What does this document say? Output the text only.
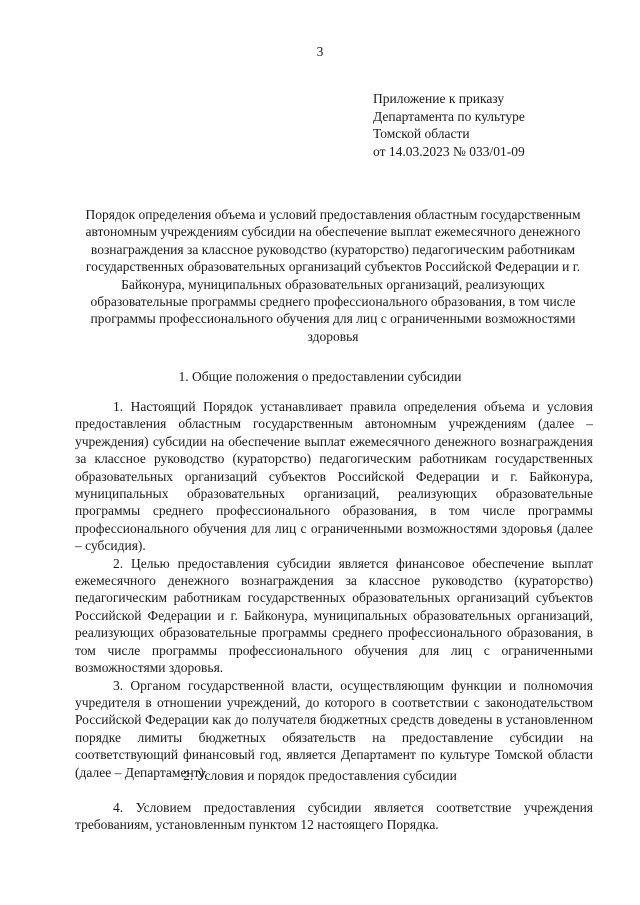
3
Приложение к приказу
Департамента по культуре
Томской области
от 14.03.2023 № 033/01-09
Порядок определения объема и условий предоставления областным государственным автономным учреждениям субсидии на обеспечение выплат ежемесячного денежного вознаграждения за классное руководство (кураторство) педагогическим работникам государственных образовательных организаций субъектов Российской Федерации и г. Байконура, муниципальных образовательных организаций, реализующих образовательные программы среднего профессионального образования, в том числе программы профессионального обучения для лиц с ограниченными возможностями здоровья
1. Общие положения о предоставлении субсидии

1. Настоящий Порядок устанавливает правила определения объема и условия предоставления областным государственным автономным учреждениям (далее – учреждения) субсидии на обеспечение выплат ежемесячного денежного вознаграждения за классное руководство (кураторство) педагогическим работникам государственных образовательных организаций субъектов Российской Федерации и г. Байконура, муниципальных образовательных организаций, реализующих образовательные программы среднего профессионального образования, в том числе программы профессионального обучения для лиц с ограниченными возможностями здоровья (далее – субсидия).

2. Целью предоставления субсидии является финансовое обеспечение выплат ежемесячного денежного вознаграждения за классное руководство (кураторство) педагогическим работникам государственных образовательных организаций субъектов Российской Федерации и г. Байконура, муниципальных образовательных организаций, реализующих образовательные программы среднего профессионального образования, в том числе программы профессионального обучения для лиц с ограниченными возможностями здоровья.

3. Органом государственной власти, осуществляющим функции и полномочия учредителя в отношении учреждений, до которого в соответствии с законодательством Российской Федерации как до получателя бюджетных средств доведены в установленном порядке лимиты бюджетных обязательств на предоставление субсидии на соответствующий финансовый год, является Департамент по культуре Томской области (далее – Департамент).

2. Условия и порядок предоставления субсидии

4. Условием предоставления субсидии является соответствие учреждения требованиям, установленным пунктом 12 настоящего Порядка.
